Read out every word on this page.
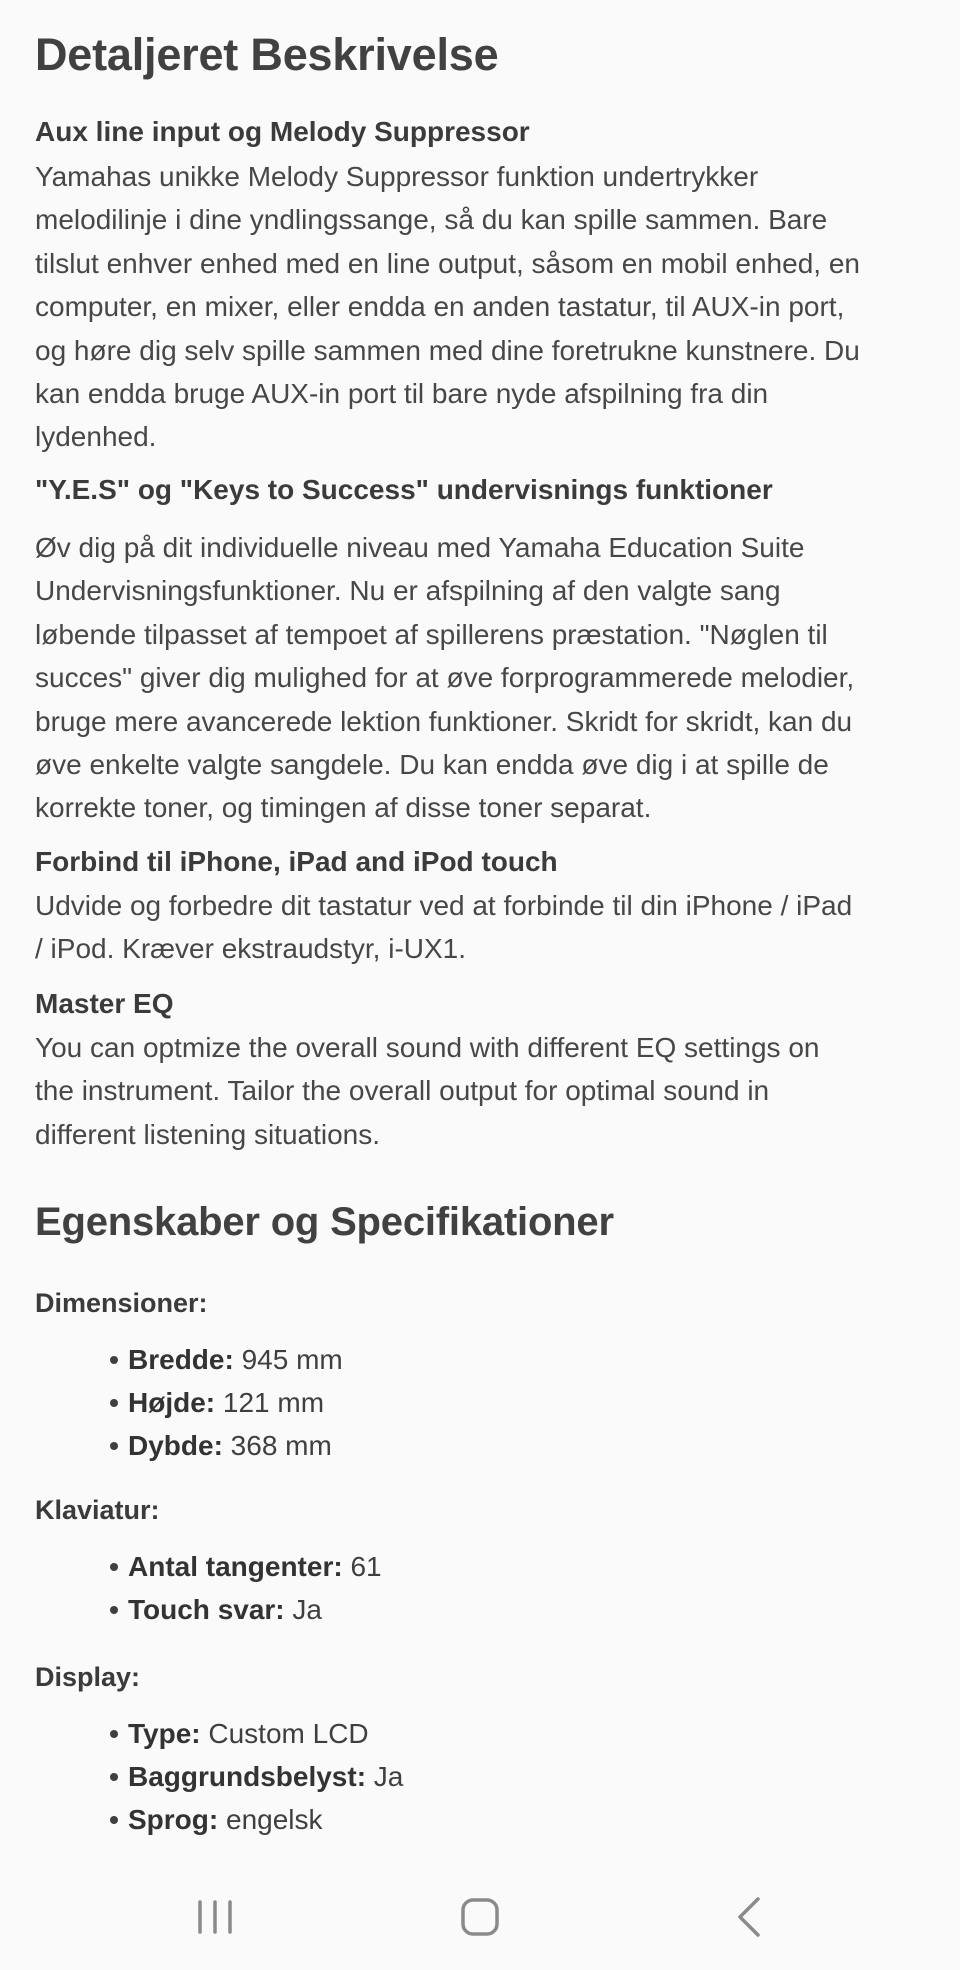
Detaljeret Beskrivelse
Aux line input og Melody Suppressor
Yamahas unikke Melody Suppressor funktion undertrykker
melodilinje i dine yndlingssange, så du kan spille sammen. Bare
tilslut enhver enhed med en line output, såsom en mobil enhed, en
computer, en mixer, eller endda en anden tastatur, til AUX-in port,
og høre dig selv spille sammen med dine foretrukne kunstnere. Du
kan endda bruge AUX-in port til bare nyde afspilning fra din
lydenhed.
"Y.E.S" og "Keys to Success" undervisnings funktioner
Øv dig på dit individuelle niveau med Yamaha Education Suite
Undervisningsfunktioner. Nu er afspilning af den valgte sang
løbende tilpasset af tempoet af spillerens præstation. "Nøglen til
succes" giver dig mulighed for at øve forprogrammerede melodier,
bruge mere avancerede lektion funktioner. Skridt for skridt, kan du
øve enkelte valgte sangdele. Du kan endda øve dig i at spille de
korrekte toner, og timingen af disse toner separat.
Forbind til iPhone, iPad and iPod touch
Udvide og forbedre dit tastatur ved at forbinde til din iPhone / iPad
/ iPod. Kræver ekstraudstyr, i-UX1.
Master EQ
You can optmize the overall sound with different EQ settings on
the instrument. Tailor the overall output for optimal sound in
different listening situations.
Egenskaber og Specifikationer
Dimensioner:
Bredde: 945 mm
Højde: 121 mm
Dybde: 368 mm
Klaviatur:
Antal tangenter: 61
Touch svar: Ja
Display:
Type: Custom LCD
Baggrundsbelyst: Ja
Sprog: engelsk
